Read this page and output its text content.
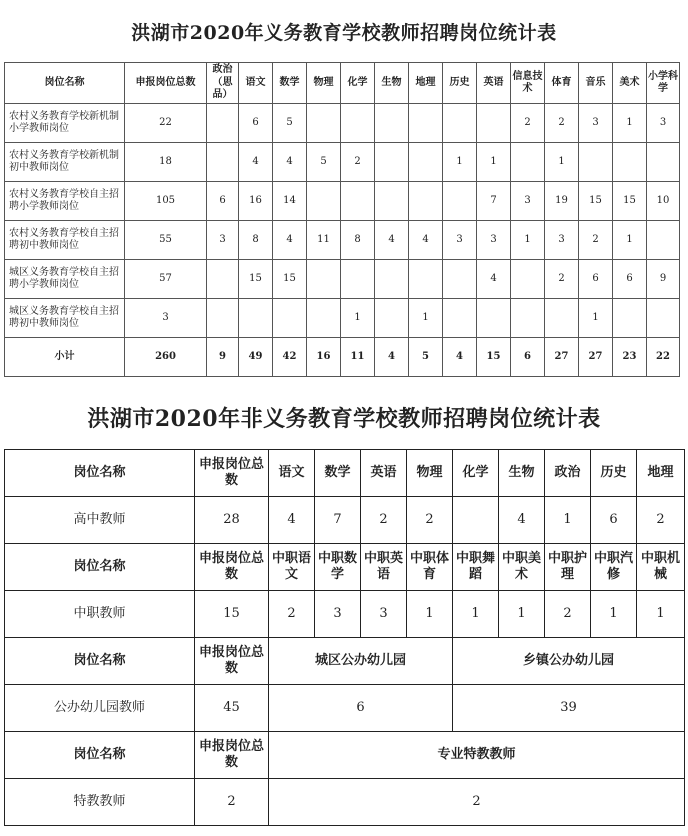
洪湖市2020年义务教育学校教师招聘岗位统计表
岗位名称	申报岗位总数	政治（思品）	语文	数学	物理	化学	生物	地理	历史	英语	信息技术	体育	音乐	美术	小学科学
农村义务教育学校新机制小学教师岗位	22		6	5							2	2	3	1	3
农村义务教育学校新机制初中教师岗位	18		4	4	5	2			1	1		1			
农村义务教育学校自主招聘小学教师岗位	105	6	16	14						7	3	19	15	15	10
农村义务教育学校自主招聘初中教师岗位	55	3	8	4	11	8	4	4	3	3	1	3	2	1	
城区义务教育学校自主招聘小学教师岗位	57		15	15						4		2	6	6	9
城区义务教育学校自主招聘初中教师岗位	3					1		1					1		
小计	260	9	49	42	16	11	4	5	4	15	6	27	27	23	22
洪湖市2020年非义务教育学校教师招聘岗位统计表
岗位名称	申报岗位总数	语文	数学	英语	物理	化学	生物	政治	历史	地理
高中教师	28	4	7	2	2		4	1	6	2
岗位名称	申报岗位总数	中职语文	中职数学	中职英语	中职体育	中职舞蹈	中职美术	中职护理	中职汽修	中职机械
中职教师	15	2	3	3	1	1	1	2	1	1
岗位名称	申报岗位总数	城区公办幼儿园				乡镇公办幼儿园				
公办幼儿园教师	45	6				39				
岗位名称	申报岗位总数	专业特教教师								
特教教师	2	2								
